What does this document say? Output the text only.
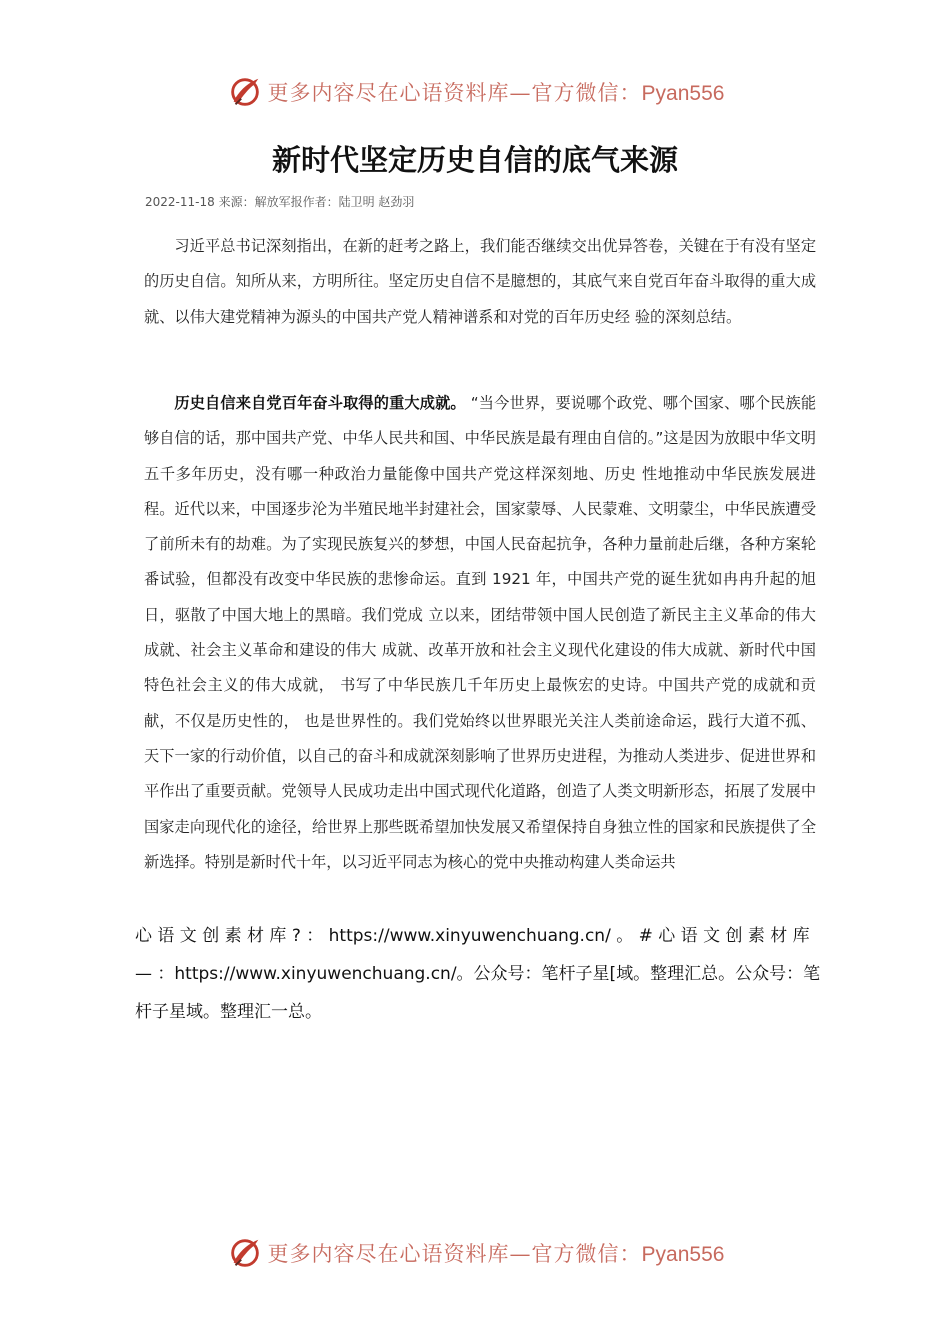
更多内容尽在心语资料库—官方微信：Pyan556
新时代坚定历史自信的底气来源
2022-11-18 来源：解放军报作者：陆卫明 赵劲羽

习近平总书记深刻指出，在新的赶考之路上，我们能否继续交出优异答卷，关键在于有没有坚定的历史自信。知所从来，方明所往。坚定历史自信不是臆想的，其底气来自党百年奋斗取得的重大成就、以伟大建党精神为源头的中国共产党人精神谱系和对党的百年历史经 验的深刻总结。

历史自信来自党百年奋斗取得的重大成就。 “当今世界，要说哪个政党、哪个国家、哪个民族能够自信的话，那中国共产党、中华人民共和国、中华民族是最有理由自信的。”这是因为放眼中华文明五千多年历史，没有哪一种政治力量能像中国共产党这样深刻地、历史 性地推动中华民族发展进程。近代以来，中国逐步沦为半殖民地半封建社会，国家蒙辱、人民蒙难、文明蒙尘，中华民族遭受了前所未有的劫难。为了实现民族复兴的梦想，中国人民奋起抗争，各种力量前赴后继，各种方案轮番试验，但都没有改变中华民族的悲惨命运。直到 1921 年，中国共产党的诞生犹如冉冉升起的旭日，驱散了中国大地上的黑暗。我们党成 立以来，团结带领中国人民创造了新民主主义革命的伟大成就、社会主义革命和建设的伟大 成就、改革开放和社会主义现代化建设的伟大成就、新时代中国特色社会主义的伟大成就， 书写了中华民族几千年历史上最恢宏的史诗。中国共产党的成就和贡献，不仅是历史性的， 也是世界性的。我们党始终以世界眼光关注人类前途命运，践行大道不孤、天下一家的行动价值，以自己的奋斗和成就深刻影响了世界历史进程，为推动人类进步、促进世界和平作出了重要贡献。党领导人民成功走出中国式现代化道路，创造了人类文明新形态，拓展了发展中国家走向现代化的途径，给世界上那些既希望加快发展又希望保持自身独立性的国家和民族提供了全新选择。特别是新时代十年，以习近平同志为核心的党中央推动构建人类命运共

心 语 文 创 素 材 库 ? ： https://www.xinyuwenchuang.cn/ 。 # 心 语 文 创 素 材 库 — ：https://www.xinyuwenchuang.cn/。公众号：笔杆子星[域。整理汇总。公众号：笔杆子星域。整理汇一总。

更多内容尽在心语资料库—官方微信：Pyan556
